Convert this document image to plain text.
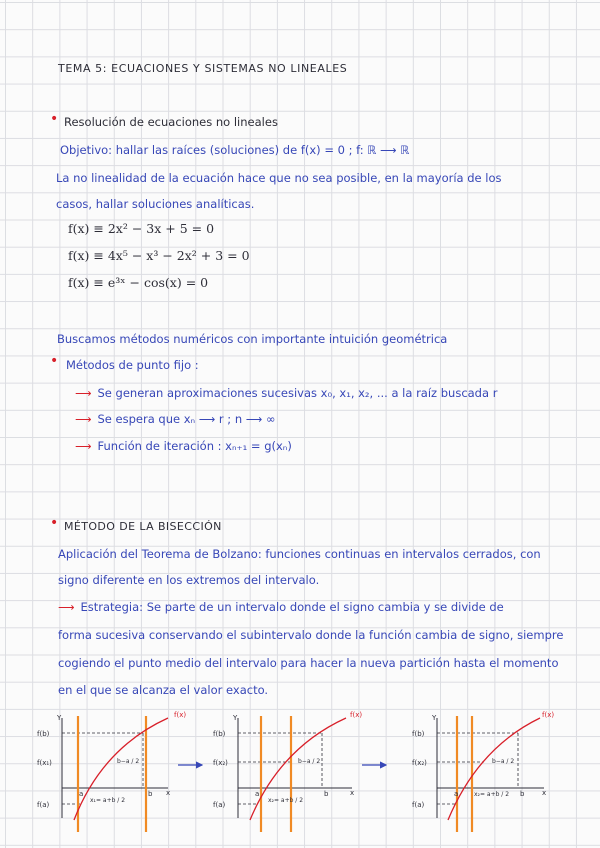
TEMA 5: ECUACIONES Y SISTEMAS NO LINEALES
• Resolución de ecuaciones no lineales
Objetivo: hallar las raíces (soluciones) de f(x) = 0 ; f: ℝ ⟶ ℝ
La no linealidad de la ecuación hace que no sea posible, en la mayoría de los
casos, hallar soluciones analíticas.
f(x) ≡ 2x² − 3x + 5 = 0
f(x) ≡ 4x⁵ − x³ − 2x² + 3 = 0
f(x) ≡ e³ˣ − cos(x) = 0
Buscamos métodos numéricos con importante intuición geométrica
• Métodos de punto fijo :
⟶ Se generan aproximaciones sucesivas x₀, x₁, x₂, ... a la raíz buscada r
⟶ Se espera que xₙ ⟶ r ; n ⟶ ∞
⟶ Función de iteración : xₙ₊₁ = g(xₙ)
• MÉTODO DE LA BISECCIÓN
Aplicación del Teorema de Bolzano: funciones continuas en intervalos cerrados, con
signo diferente en los extremos del intervalo.
⟶ Estrategia: Se parte de un intervalo donde el signo cambia y se divide de
forma sucesiva conservando el subintervalo donde la función cambia de signo, siempre
cogiendo el punto medio del intervalo para hacer la nueva partición hasta el momento
en el que se alcanza el valor exacto.
Y
x
f(x)
f(b)
f(x₁)
f(a)
a	b
b−a / 2
x₁= a+b / 2
Y
x
f(x)
f(b)
f(x₂)
f(a)
a	b
b−a / 2
x₂= a+b / 2
Y
x
f(x)
f(b)
f(x₂)
f(a)
a	b
b−a / 2
x₂= a+b / 2
